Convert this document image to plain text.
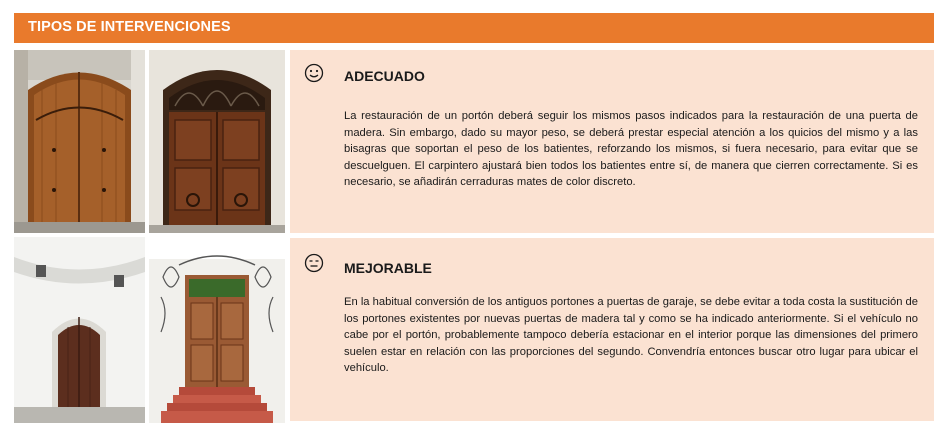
TIPOS DE INTERVENCIONES
ADECUADO

La restauración de un portón deberá seguir los mismos pasos indicados para la restauración de una puerta de madera. Sin embargo, dado su mayor peso, se deberá prestar especial atención a los quicios del mismo y a las bisagras que soportan el peso de los batientes, reforzando los mismos, si fuera necesario, para evitar que se descuelguen. El carpintero ajustará bien todos los batientes entre sí, de manera que cierren correctamente. Si es necesario, se añadirán cerraduras mates de color discreto.

MEJORABLE

En la habitual conversión de los antiguos portones a puertas de garaje, se debe evitar a toda costa la sustitución de los portones existentes por nuevas puertas de madera tal y como se ha indicado anteriormente. Si el vehículo no cabe por el portón, probablemente tampoco debería estacionar en el interior porque las dimensiones del primero suelen estar en relación con las proporciones del segundo. Convendría entonces buscar otro lugar para ubicar el vehículo.
